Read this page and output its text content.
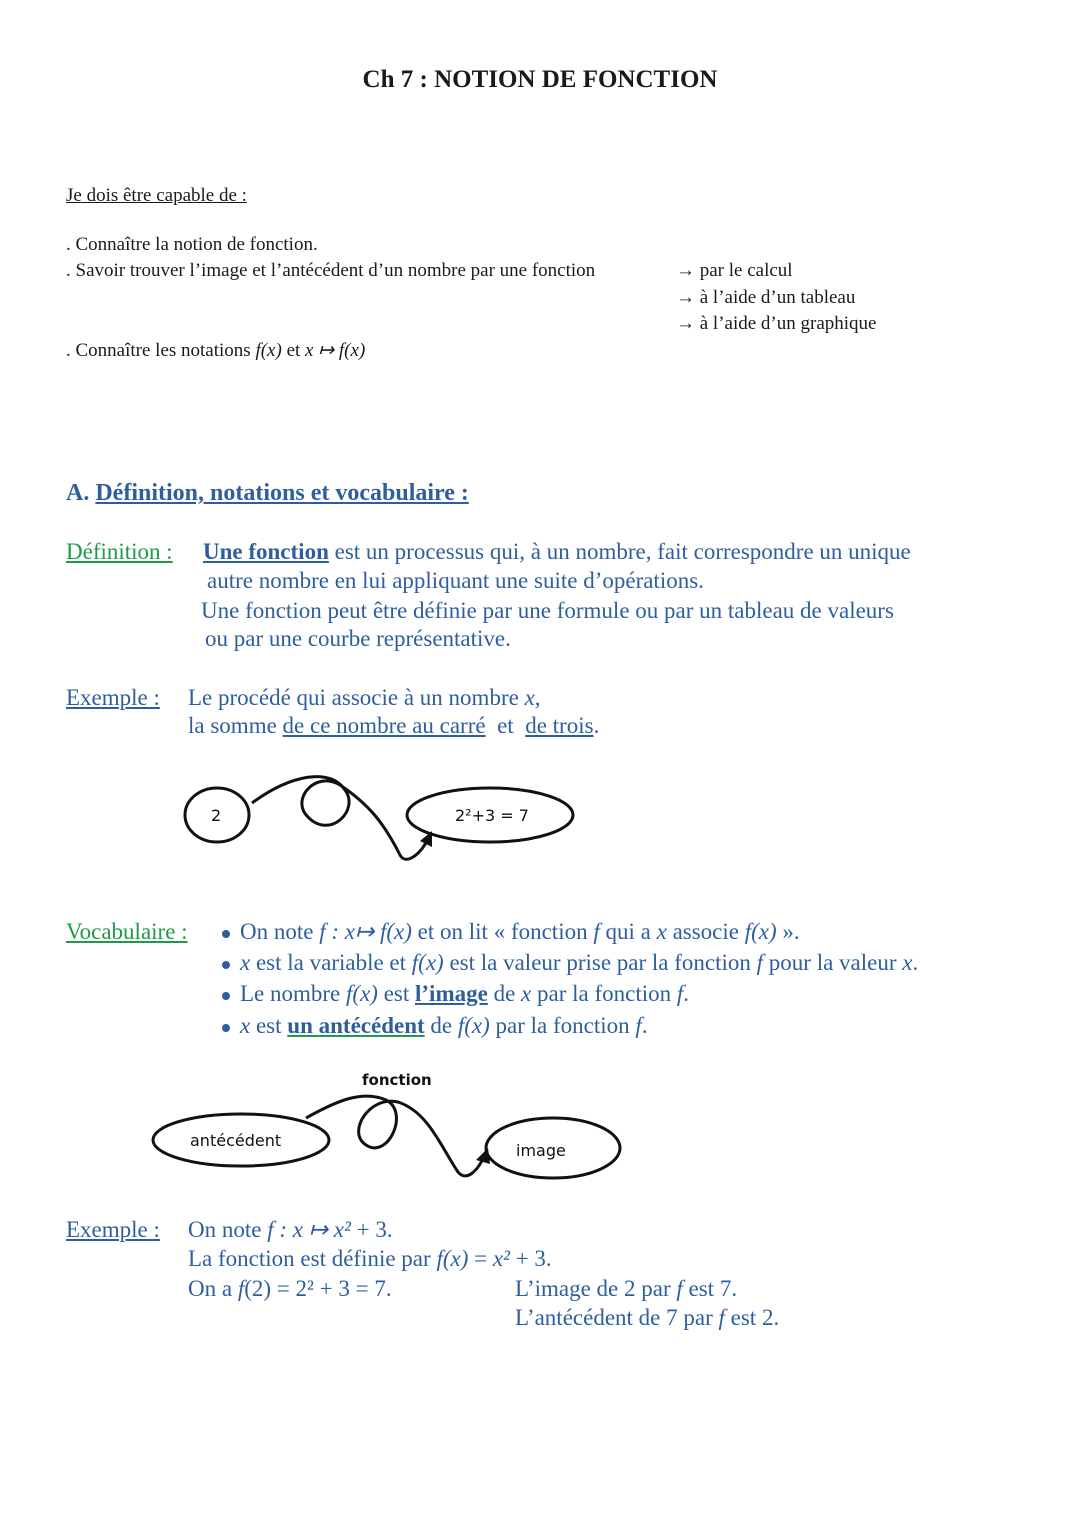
Ch 7 : NOTION DE FONCTION
Je dois être capable de :
. Connaître la notion de fonction.
. Savoir trouver l’image et l’antécédent d’un nombre par une fonction	→ par le calcul
→ à l’aide d’un tableau
→ à l’aide d’un graphique
. Connaître les notations f(x) et x ↦ f(x)
A. Définition, notations et vocabulaire :
Définition : Une fonction est un processus qui, à un nombre, fait correspondre un unique
autre nombre en lui appliquant une suite d’opérations.
Une fonction peut être définie par une formule ou par un tableau de valeurs
ou par une courbe représentative.
Exemple : Le procédé qui associe à un nombre x,
la somme de ce nombre au carré  et  de trois.
2	2²+3 = 7
Vocabulaire :	On note f : x↦ f(x) et on lit « fonction f qui a x associe f(x) ».
x est la variable et f(x) est la valeur prise par la fonction f pour la valeur x.
Le nombre f(x) est l’image de x par la fonction f.
x est un antécédent de f(x) par la fonction f.
fonction
antécédent
image
Exemple : On note f : x ↦ x² + 3.
La fonction est définie par f(x) = x² + 3.
On a f(2) = 2² + 3 = 7.	L’image de 2 par f est 7.
L’antécédent de 7 par f est 2.
